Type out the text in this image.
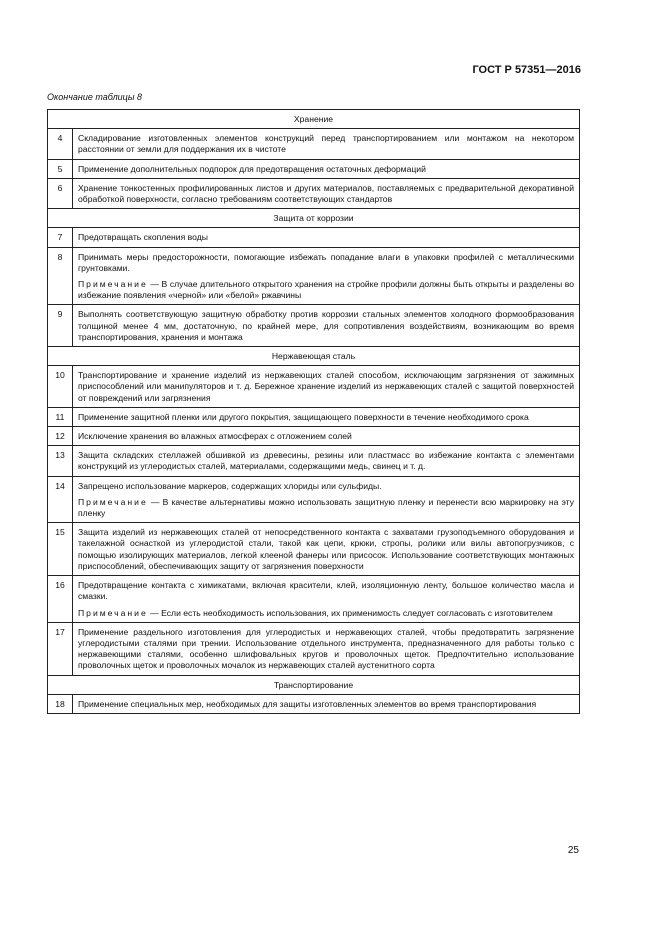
ГОСТ Р 57351—2016
Окончание таблицы 8
Хранение	
4	Складирование изготовленных элементов конструкций перед транспортированием или монтажом на некотором расстоянии от земли для поддержания их в чистоте

5	Применение дополнительных подпорок для предотвращения остаточных деформаций

6	Хранение тонкостенных профилированных листов и других материалов, поставляемых с предварительной декоративной обработкой поверхности, согласно требованиям соответствующих стандартов

Защита от коррозии	
7	Предотвращать скопления воды

8	Принимать меры предосторожности, помогающие избежать попадание влаги в упаковки профилей с металлическими грунтовками.
Примечание — В случае длительного открытого хранения на стройке профили должны быть открыты и разделены во избежание появления «черной» или «белой» ржавчины

9	Выполнять соответствующую защитную обработку против коррозии стальных элементов холодного формообразования толщиной менее 4 мм, достаточную, по крайней мере, для сопротивления воздействиям, возникающим во время транспортирования, хранения и монтажа

Нержавеющая сталь	
10	Транспортирование и хранение изделий из нержавеющих сталей способом, исключающим загрязнения от зажимных приспособлений или манипуляторов и т. д. Бережное хранение изделий из нержавеющих сталей с защитой поверхностей от повреждений или загрязнения

11	Применение защитной пленки или другого покрытия, защищающего поверхности в течение необходимого срока

12	Исключение хранения во влажных атмосферах с отложением солей

13	Защита складских стеллажей обшивкой из древесины, резины или пластмасс во избежание контакта с элементами конструкций из углеродистых сталей, материалами, содержащими медь, свинец и т. д.

14	Запрещено использование маркеров, содержащих хлориды или сульфиды.
Примечание — В качестве альтернативы можно использовать защитную пленку и перенести всю маркировку на эту пленку

15	Защита изделий из нержавеющих сталей от непосредственного контакта с захватами грузоподъемного оборудования и такелажной оснасткой из углеродистой стали, такой как цепи, крюки, стропы, ролики или вилы автопогрузчиков, с помощью изолирующих материалов, легкой клееной фанеры или присосок. Использование соответствующих монтажных приспособлений, обеспечивающих защиту от загрязнения поверхности

16	Предотвращение контакта с химикатами, включая красители, клей, изоляционную ленту, большое количество масла и смазки.
Примечание — Если есть необходимость использования, их применимость следует согласовать с изготовителем

17	Применение раздельного изготовления для углеродистых и нержавеющих сталей, чтобы предотвратить загрязнение углеродистыми сталями при трении. Использование отдельного инструмента, предназначенного для работы только с нержавеющими сталями, особенно шлифовальных кругов и проволочных щеток. Предпочтительно использование проволочных щеток и проволочных мочалок из нержавеющих сталей аустенитного сорта

Транспортирование	
18	Применение специальных мер, необходимых для защиты изготовленных элементов во время транспортирования
25
